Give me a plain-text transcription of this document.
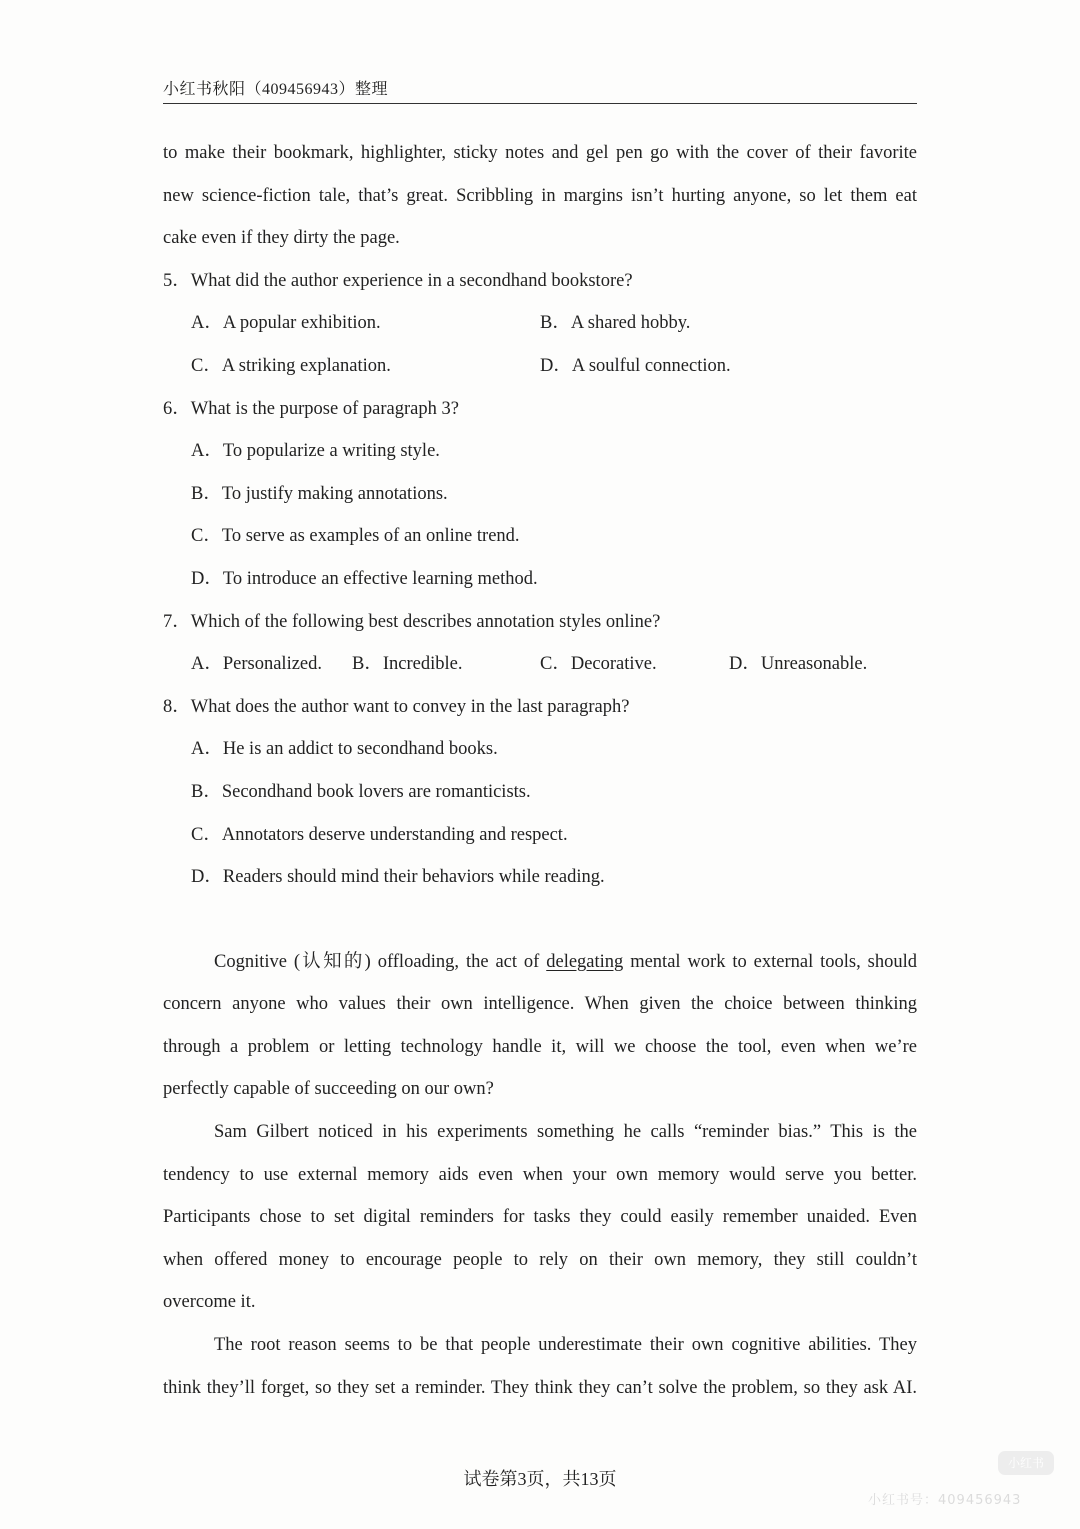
小红书秋阳（409456943）整理
to make their bookmark, highlighter, sticky notes and gel pen go with the cover of their favorite
new science-fiction tale, that’s great. Scribbling in margins isn’t hurting anyone, so let them eat
cake even if they dirty the page.
5．What did the author experience in a secondhand bookstore?
A．A popular exhibition.	B．A shared hobby.
C．A striking explanation.	D．A soulful connection.
6．What is the purpose of paragraph 3?
A．To popularize a writing style.
B．To justify making annotations.
C．To serve as examples of an online trend.
D．To introduce an effective learning method.
7．Which of the following best describes annotation styles online?
A．Personalized.	B．Incredible.	C．Decorative.	D．Unreasonable.
8．What does the author want to convey in the last paragraph?
A．He is an addict to secondhand books.
B．Secondhand book lovers are romanticists.
C．Annotators deserve understanding and respect.
D．Readers should mind their behaviors while reading.
Cognitive (认知的) offloading, the act of delegating mental work to external tools, should
concern anyone who values their own intelligence. When given the choice between thinking
through a problem or letting technology handle it, will we choose the tool, even when we’re
perfectly capable of succeeding on our own?
Sam Gilbert noticed in his experiments something he calls “reminder bias.” This is the
tendency to use external memory aids even when your own memory would serve you better.
Participants chose to set digital reminders for tasks they could easily remember unaided. Even
when offered money to encourage people to rely on their own memory, they still couldn’t
overcome it.
The root reason seems to be that people underestimate their own cognitive abilities. They
think they’ll forget, so they set a reminder. They think they can’t solve the problem, so they ask AI.
试卷第3页，共13页
小红书
小红书号：409456943
